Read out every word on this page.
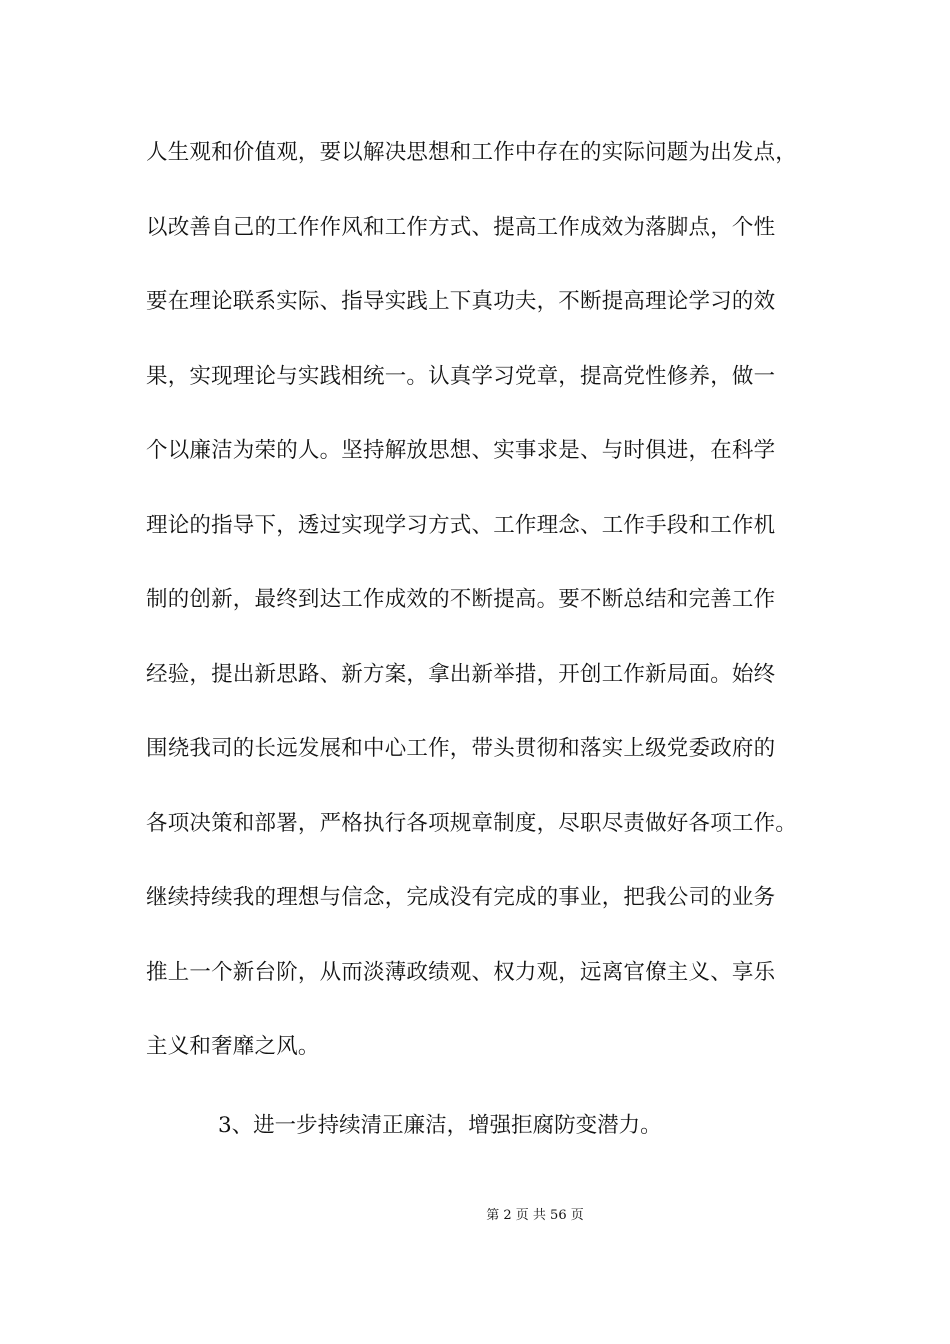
人生观和价值观，要以解决思想和工作中存在的实际问题为出发点，
以改善自己的工作作风和工作方式、提高工作成效为落脚点，个性
要在理论联系实际、指导实践上下真功夫，不断提高理论学习的效
果，实现理论与实践相统一。认真学习党章，提高党性修养，做一
个以廉洁为荣的人。坚持解放思想、实事求是、与时俱进，在科学
理论的指导下，透过实现学习方式、工作理念、工作手段和工作机
制的创新，最终到达工作成效的不断提高。要不断总结和完善工作
经验，提出新思路、新方案，拿出新举措，开创工作新局面。始终
围绕我司的长远发展和中心工作，带头贯彻和落实上级党委政府的
各项决策和部署，严格执行各项规章制度，尽职尽责做好各项工作。
继续持续我的理想与信念，完成没有完成的事业，把我公司的业务
推上一个新台阶，从而淡薄政绩观、权力观，远离官僚主义、享乐
主义和奢靡之风。
3、进一步持续清正廉洁，增强拒腐防变潜力。
第 2 页 共 56 页
